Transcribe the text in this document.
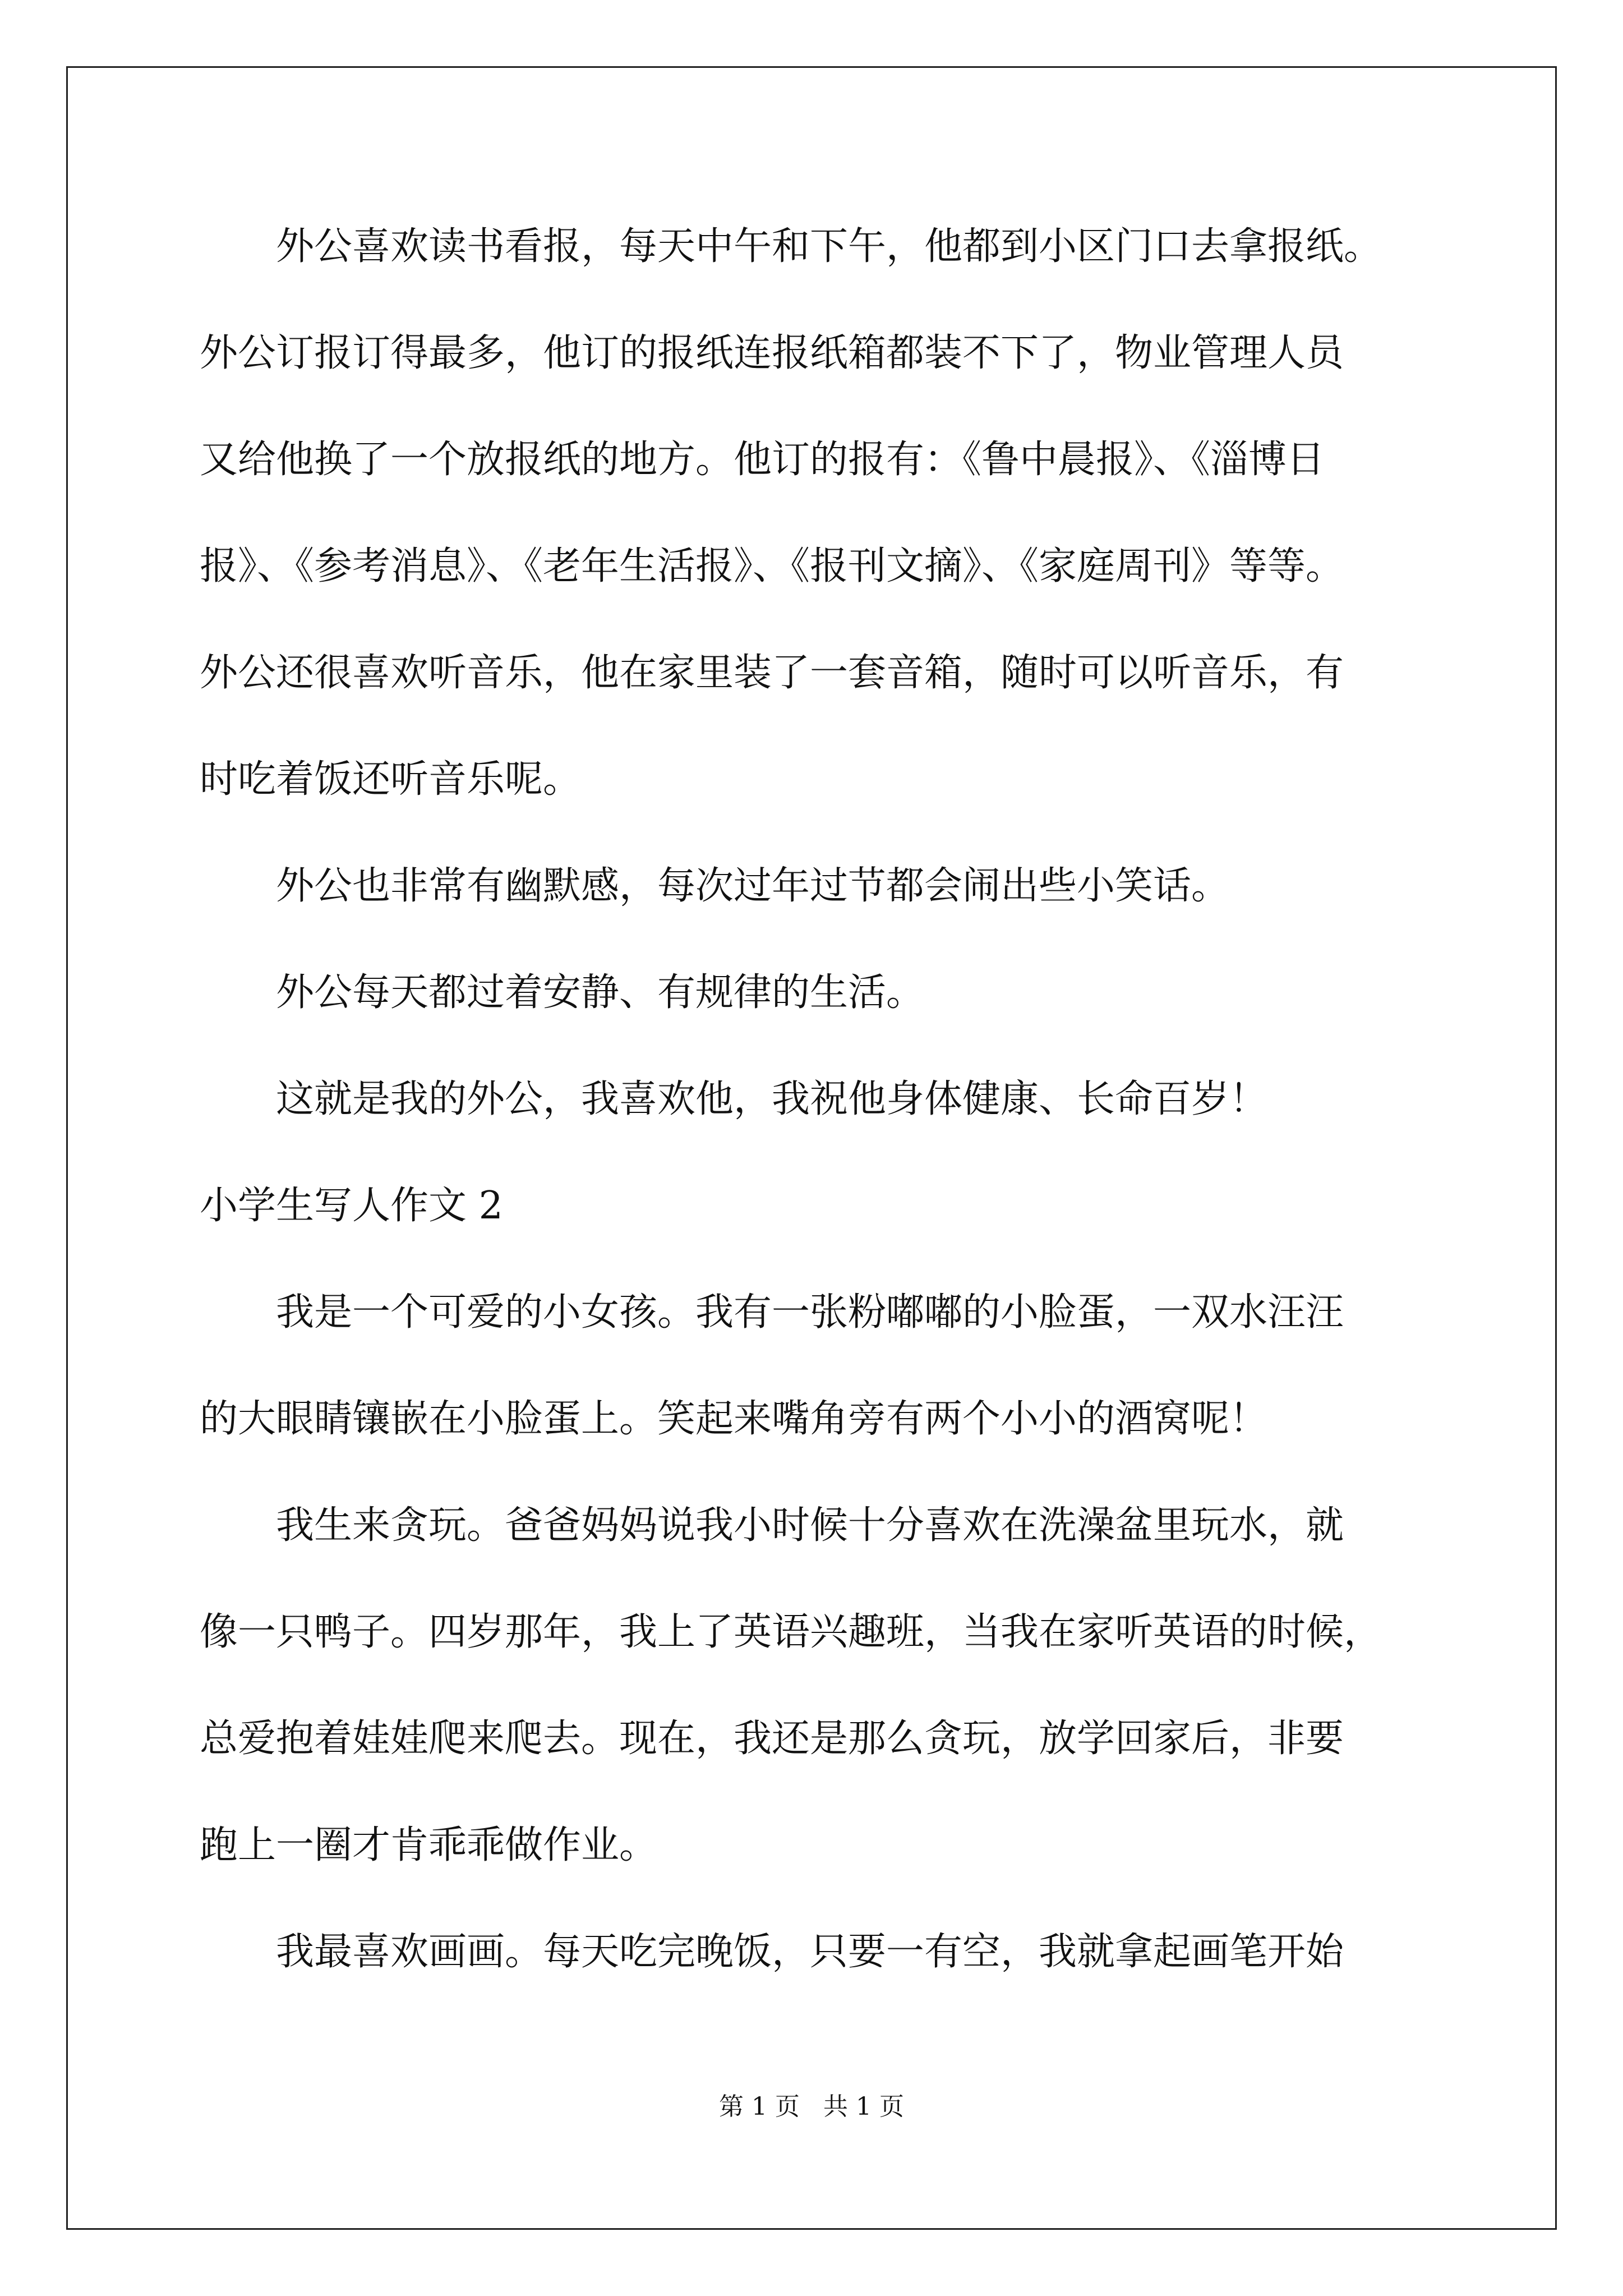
　　外公喜欢读书看报，每天中午和下午，他都到小区门口去拿报纸。
外公订报订得最多，他订的报纸连报纸箱都装不下了，物业管理人员
又给他换了一个放报纸的地方。他订的报有：《鲁中晨报》、《淄博日
报》、《参考消息》、《老年生活报》、《报刊文摘》、《家庭周刊》等等。
外公还很喜欢听音乐，他在家里装了一套音箱，随时可以听音乐，有
时吃着饭还听音乐呢。
　　外公也非常有幽默感，每次过年过节都会闹出些小笑话。
　　外公每天都过着安静、有规律的生活。
　　这就是我的外公，我喜欢他，我祝他身体健康、长命百岁！
小学生写人作文 2
　　我是一个可爱的小女孩。我有一张粉嘟嘟的小脸蛋，一双水汪汪
的大眼睛镶嵌在小脸蛋上。笑起来嘴角旁有两个小小的酒窝呢！
　　我生来贪玩。爸爸妈妈说我小时候十分喜欢在洗澡盆里玩水，就
像一只鸭子。四岁那年，我上了英语兴趣班，当我在家听英语的时候，
总爱抱着娃娃爬来爬去。现在，我还是那么贪玩，放学回家后，非要
跑上一圈才肯乖乖做作业。
　　我最喜欢画画。每天吃完晚饭，只要一有空，我就拿起画笔开始
第 1 页 共 1 页
